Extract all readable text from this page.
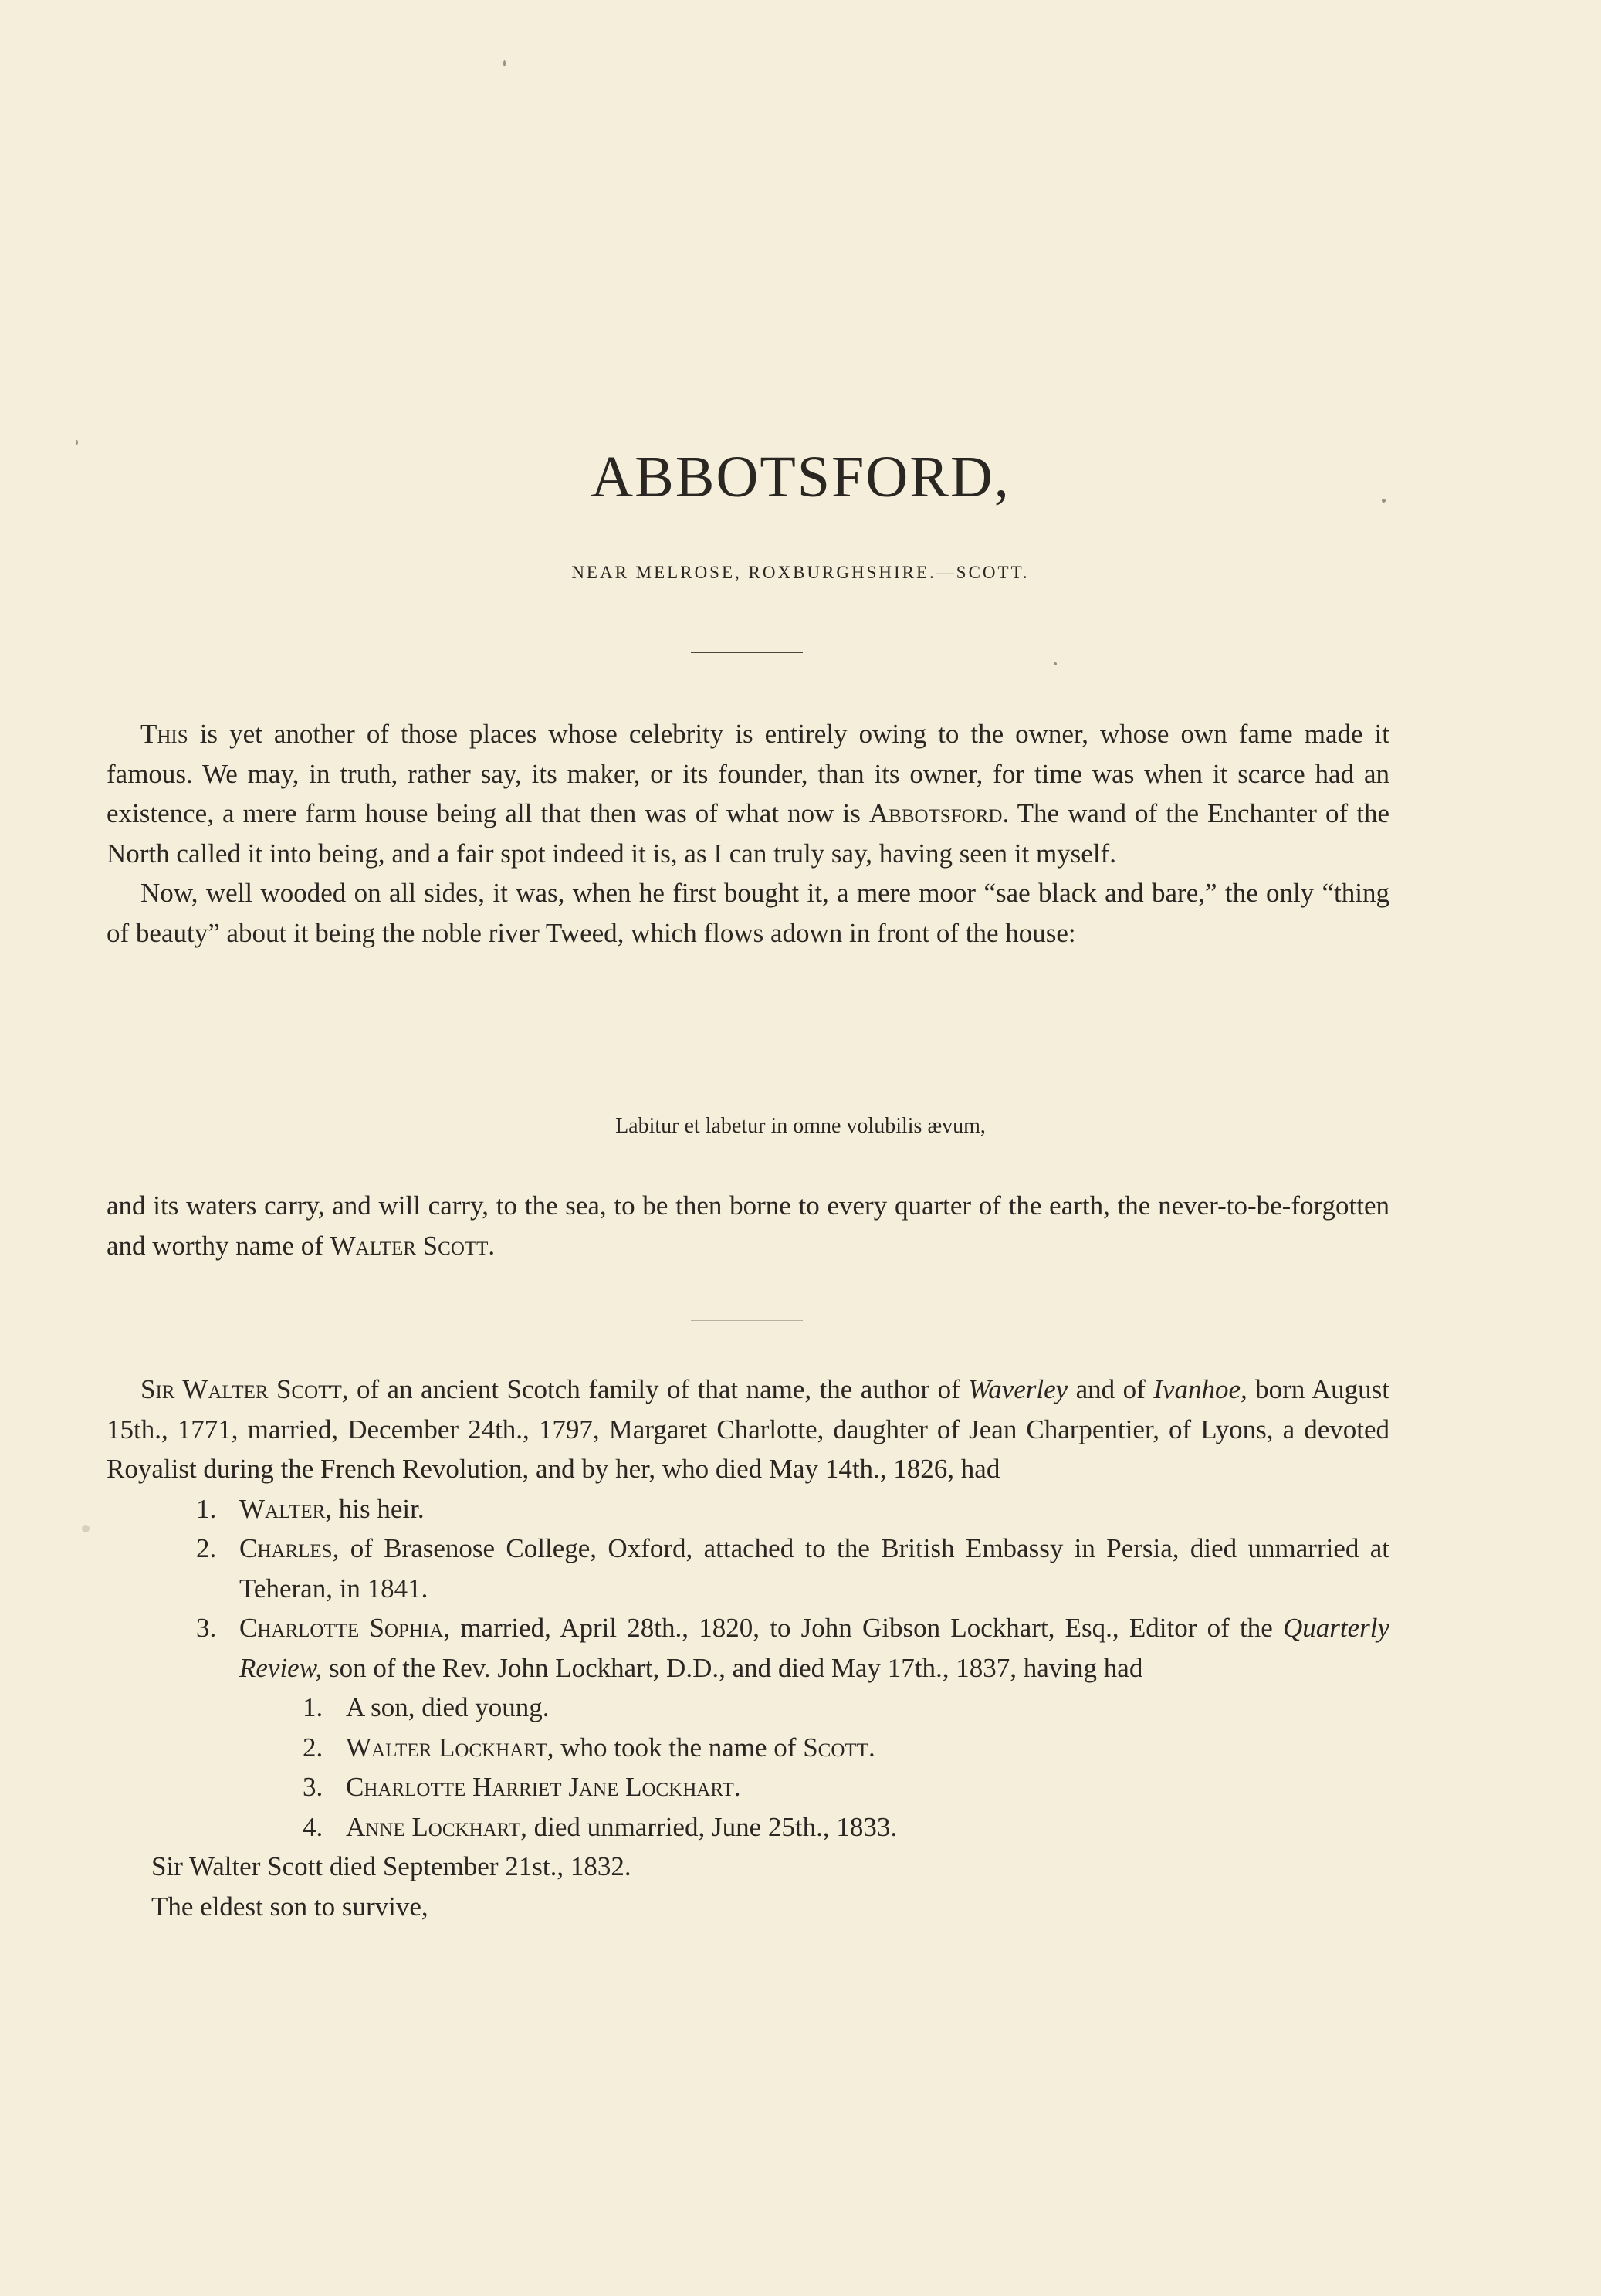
ABBOTSFORD,
NEAR MELROSE, ROXBURGHSHIRE.—SCOTT.

This is yet another of those places whose celebrity is entirely owing to the owner, whose own fame made it famous. We may, in truth, rather say, its maker, or its founder, than its owner, for time was when it scarce had an existence, a mere farm house being all that then was of what now is Abbotsford. The wand of the Enchanter of the North called it into being, and a fair spot indeed it is, as I can truly say, having seen it myself.

Now, well wooded on all sides, it was, when he first bought it, a mere moor “sae black and bare,” the only “thing of beauty” about it being the noble river Tweed, which flows adown in front of the house:

Labitur et labetur in omne volubilis ævum,

and its waters carry, and will carry, to the sea, to be then borne to every quarter of the earth, the never-to-be-forgotten and worthy name of Walter Scott.

Sir Walter Scott, of an ancient Scotch family of that name, the author of Waverley and of Ivanhoe, born August 15th., 1771, married, December 24th., 1797, Margaret Charlotte, daughter of Jean Charpentier, of Lyons, a devoted Royalist during the French Revolution, and by her, who died May 14th., 1826, had

1. Walter, his heir.

2. Charles, of Brasenose College, Oxford, attached to the British Embassy in Persia, died unmarried at Teheran, in 1841.

3. Charlotte Sophia, married, April 28th., 1820, to John Gibson Lockhart, Esq., Editor of the Quarterly Review, son of the Rev. John Lockhart, D.D., and died May 17th., 1837, having had

1. A son, died young.

2. Walter Lockhart, who took the name of Scott.

3. Charlotte Harriet Jane Lockhart.

4. Anne Lockhart, died unmarried, June 25th., 1833.

Sir Walter Scott died September 21st., 1832.

The eldest son to survive,
